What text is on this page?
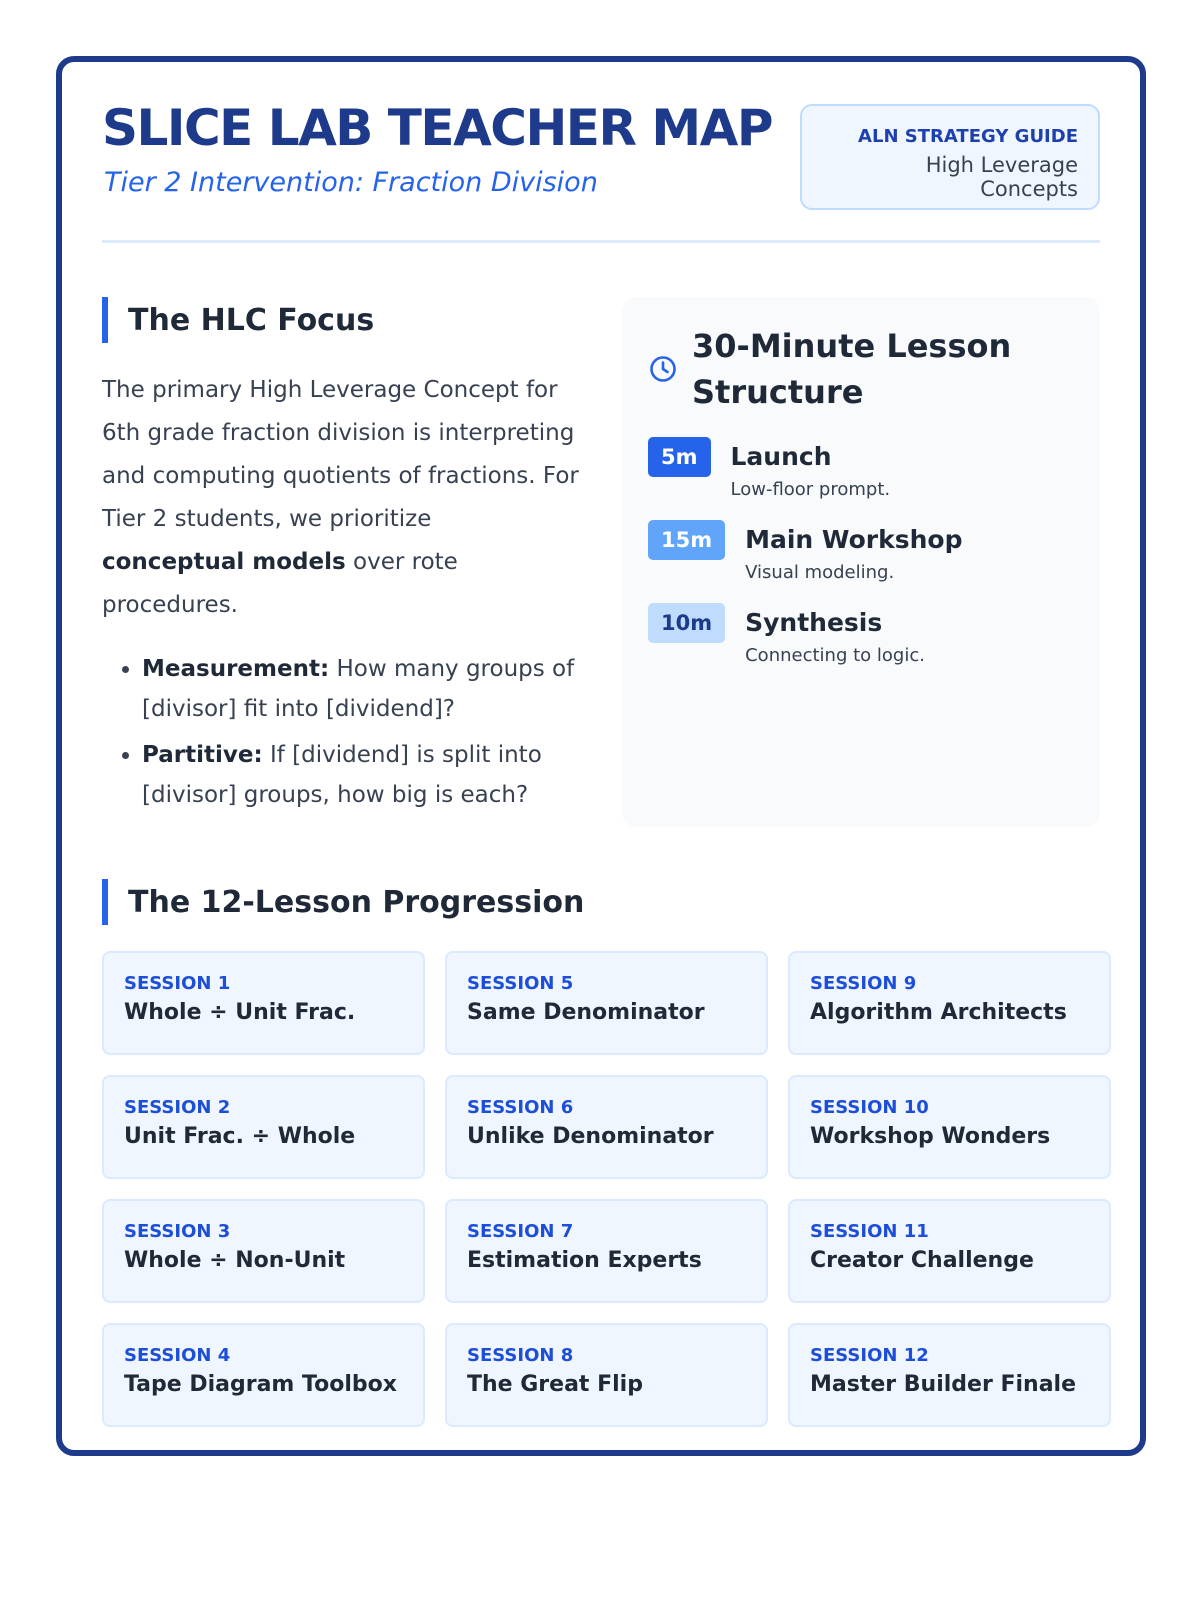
SLICE LAB TEACHER MAP
Tier 2 Intervention: Fraction Division
ALN STRATEGY GUIDE
High Leverage Concepts
The HLC Focus

The primary High Leverage Concept for 6th grade fraction division is interpreting and computing quotients of fractions. For Tier 2 students, we prioritize conceptual models over rote procedures.

• Measurement: How many groups of [divisor] fit into [dividend]?
• Partitive: If [dividend] is split into [divisor] groups, how big is each?
30-Minute Lesson Structure
5m	Launch
Low-floor prompt.
15m	Main Workshop
Visual modeling.
10m	Synthesis
Connecting to logic.
The 12-Lesson Progression
SESSION 1
Whole ÷ Unit Frac.
SESSION 2
Unit Frac. ÷ Whole
SESSION 3
Whole ÷ Non-Unit
SESSION 4
Tape Diagram Toolbox
SESSION 5
Same Denominator
SESSION 6
Unlike Denominator
SESSION 7
Estimation Experts
SESSION 8
The Great Flip
SESSION 9
Algorithm Architects
SESSION 10
Workshop Wonders
SESSION 11
Creator Challenge
SESSION 12
Master Builder Finale
